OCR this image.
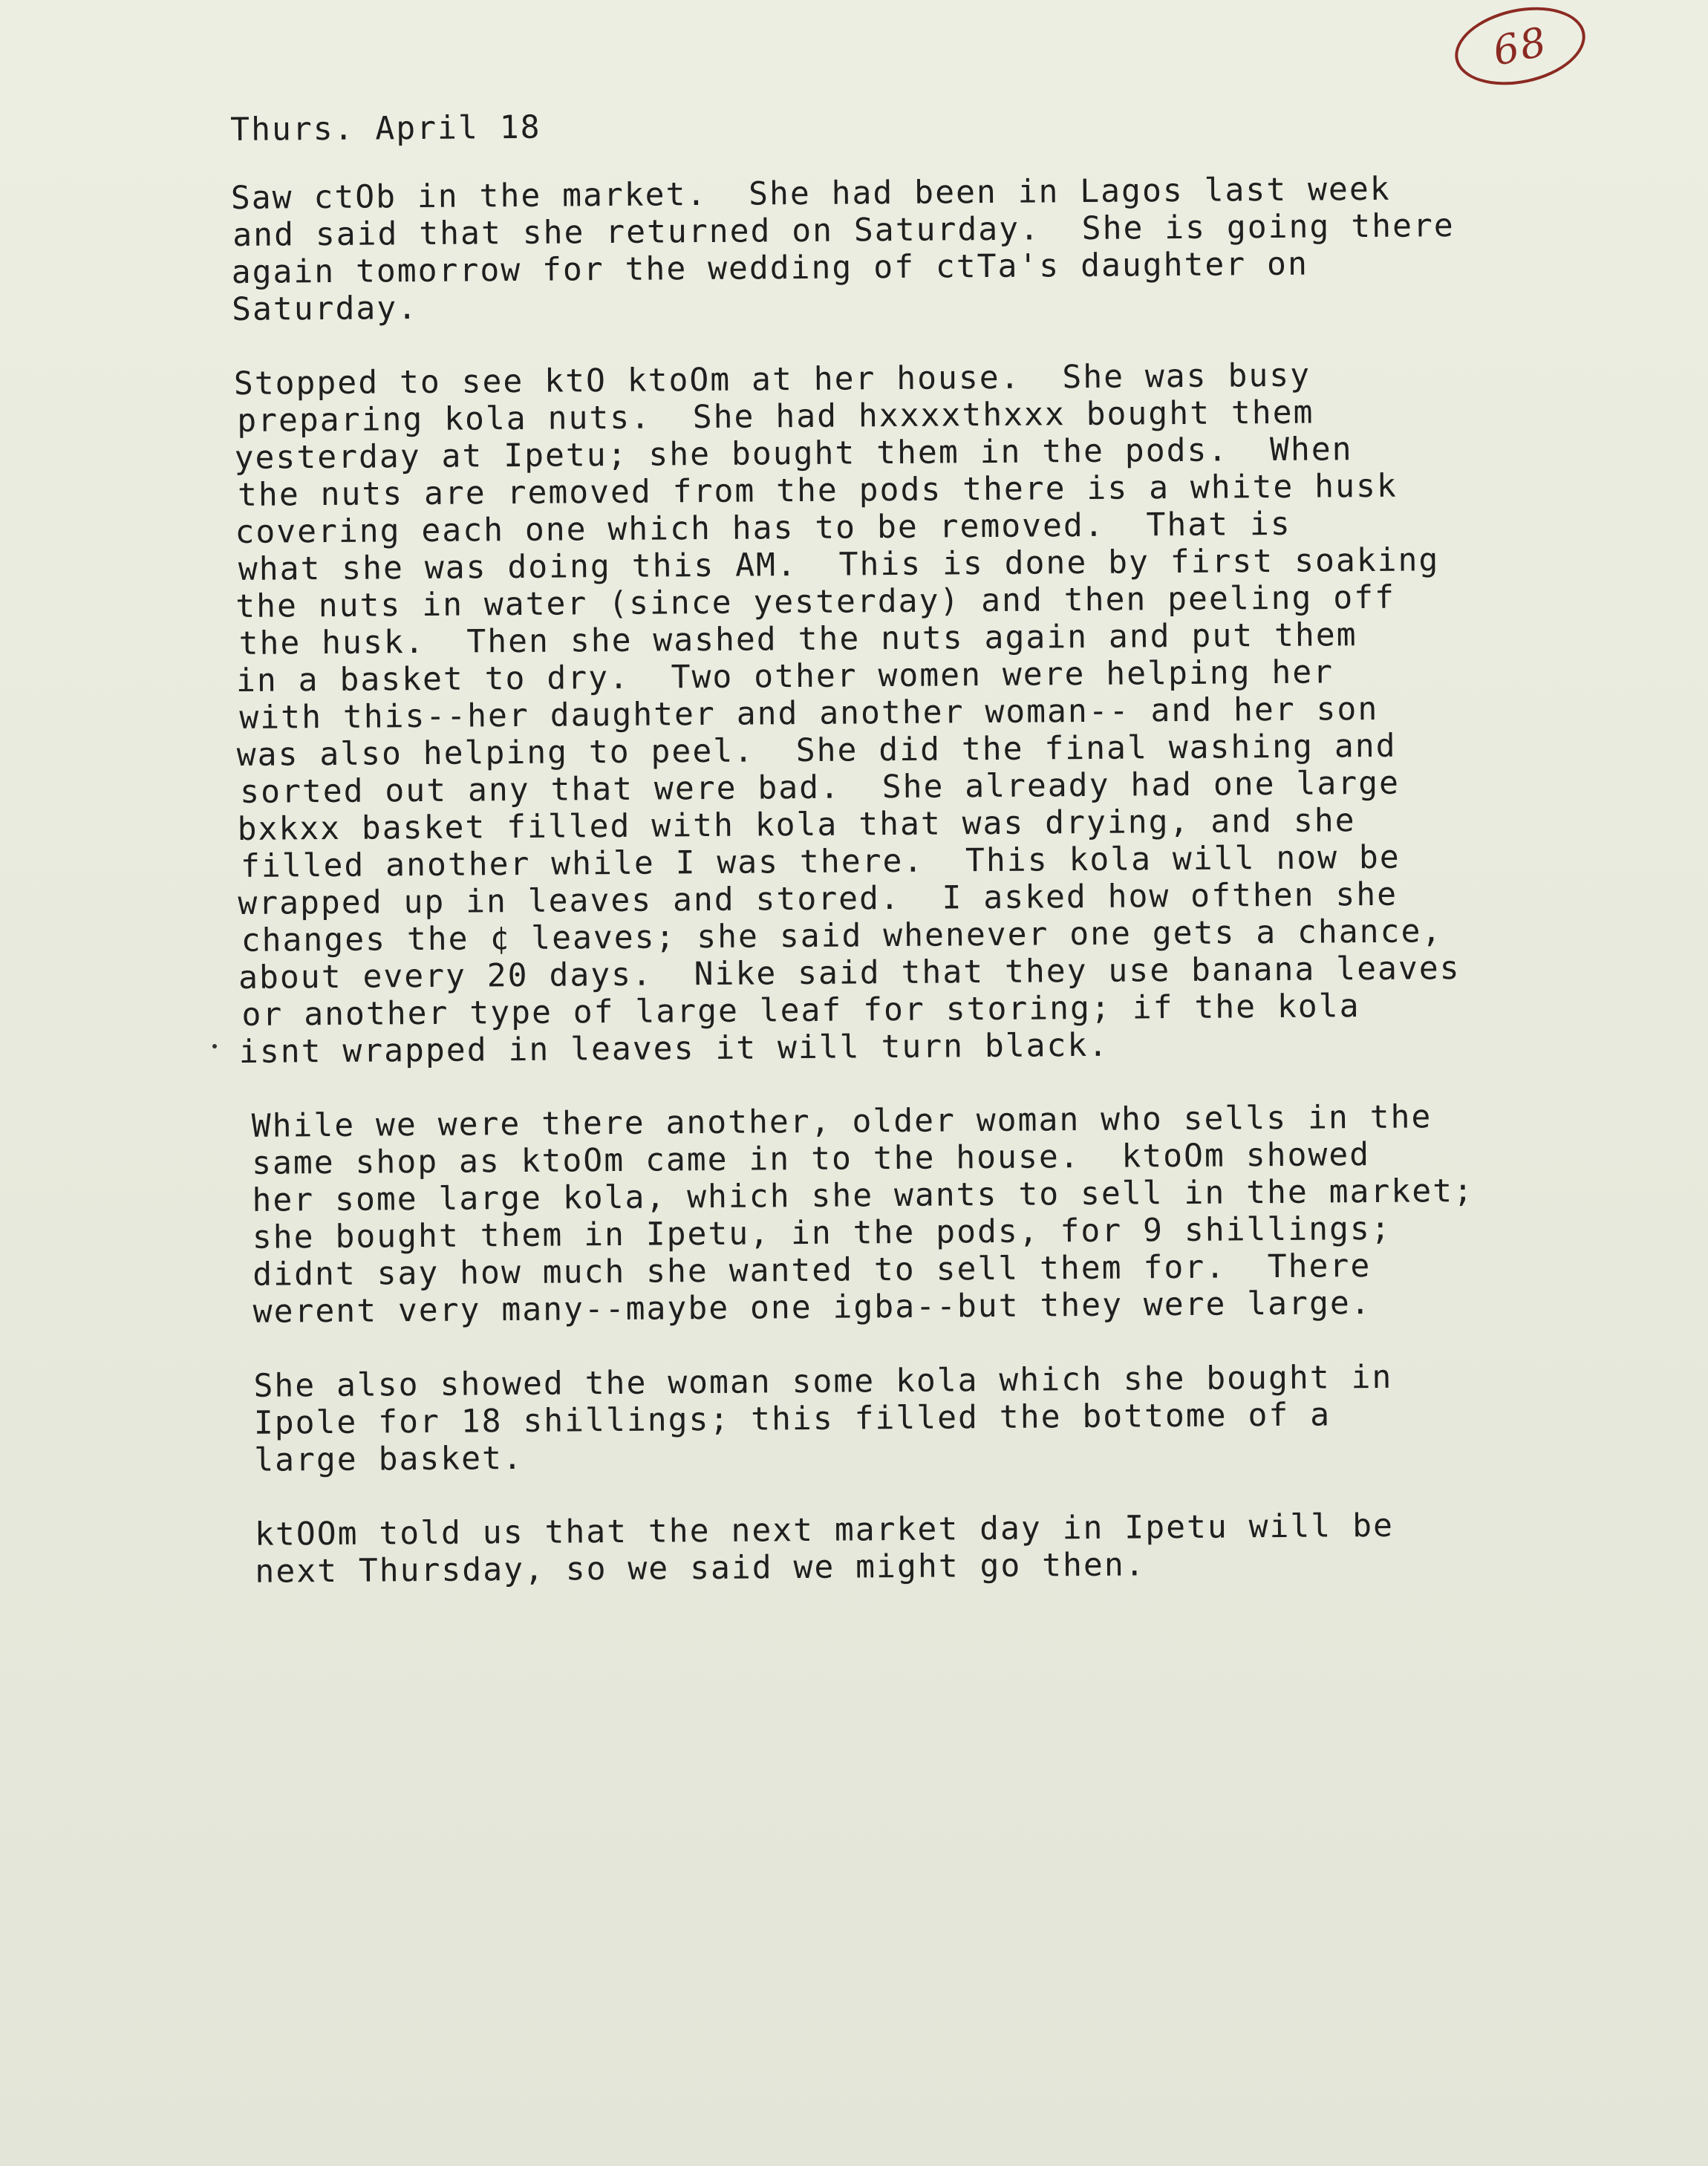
68
Thurs. April 18
Saw ctOb in the market.  She had been in Lagos last week
and said that she returned on Saturday.  She is going there
again tomorrow for the wedding of ctTa's daughter on
Saturday.
Stopped to see ktO ktoOm at her house.  She was busy
preparing kola nuts.  She had hxxxxthxxx bought them
yesterday at Ipetu; she bought them in the pods.  When
the nuts are removed from the pods there is a white husk
covering each one which has to be removed.  That is
what she was doing this AM.  This is done by first soaking
the nuts in water (since yesterday) and then peeling off
the husk.  Then she washed the nuts again and put them
in a basket to dry.  Two other women were helping her
with this--her daughter and another woman-- and her son
was also helping to peel.  She did the final washing and
sorted out any that were bad.  She already had one large
bxkxx basket filled with kola that was drying, and she
filled another while I was there.  This kola will now be
wrapped up in leaves and stored.  I asked how ofthen she
changes the ¢ leaves; she said whenever one gets a chance,
about every 20 days.  Nike said that they use banana leaves
or another type of large leaf for storing; if the kola
isnt wrapped in leaves it will turn black.
While we were there another, older woman who sells in the
same shop as ktoOm came in to the house.  ktoOm showed
her some large kola, which she wants to sell in the market;
she bought them in Ipetu, in the pods, for 9 shillings;
didnt say how much she wanted to sell them for.  There
werent very many--maybe one igba--but they were large.
She also showed the woman some kola which she bought in
Ipole for 18 shillings; this filled the bottome of a
large basket.
ktOOm told us that the next market day in Ipetu will be
next Thursday, so we said we might go then.
